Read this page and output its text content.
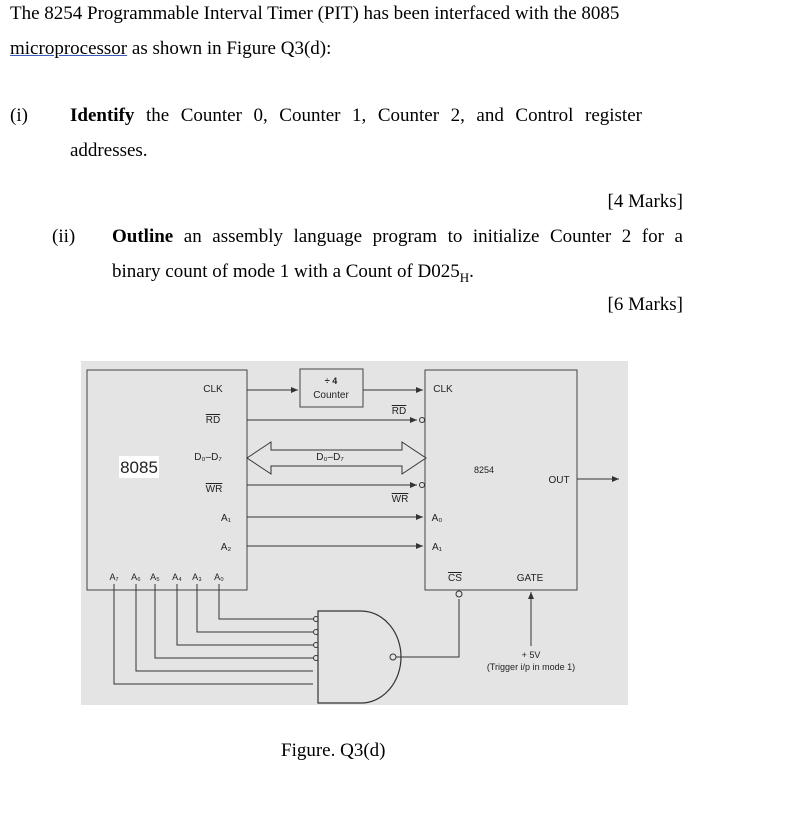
The 8254 Programmable Interval Timer (PIT) has been interfaced with the 8085
microprocessor as shown in Figure Q3(d):
(i) Identify the Counter 0, Counter 1, Counter 2, and Control register
addresses.
[4 Marks]
(ii) Outline an assembly language program to initialize Counter 2 for a
binary count of mode 1 with a Count of $D025_H$.
[6 Marks]
8085
CLK
RD
D₀–D₇
WR
A₁
A₂
A₇ A₆ A₅ A₄ A₃ A₀
÷ 4
Counter
CLK
RD
WR
8254
OUT
A₀
A₁
CS	GATE
D₀–D₇
+ 5V
(Trigger i/p in mode 1)
Figure. Q3(d)
